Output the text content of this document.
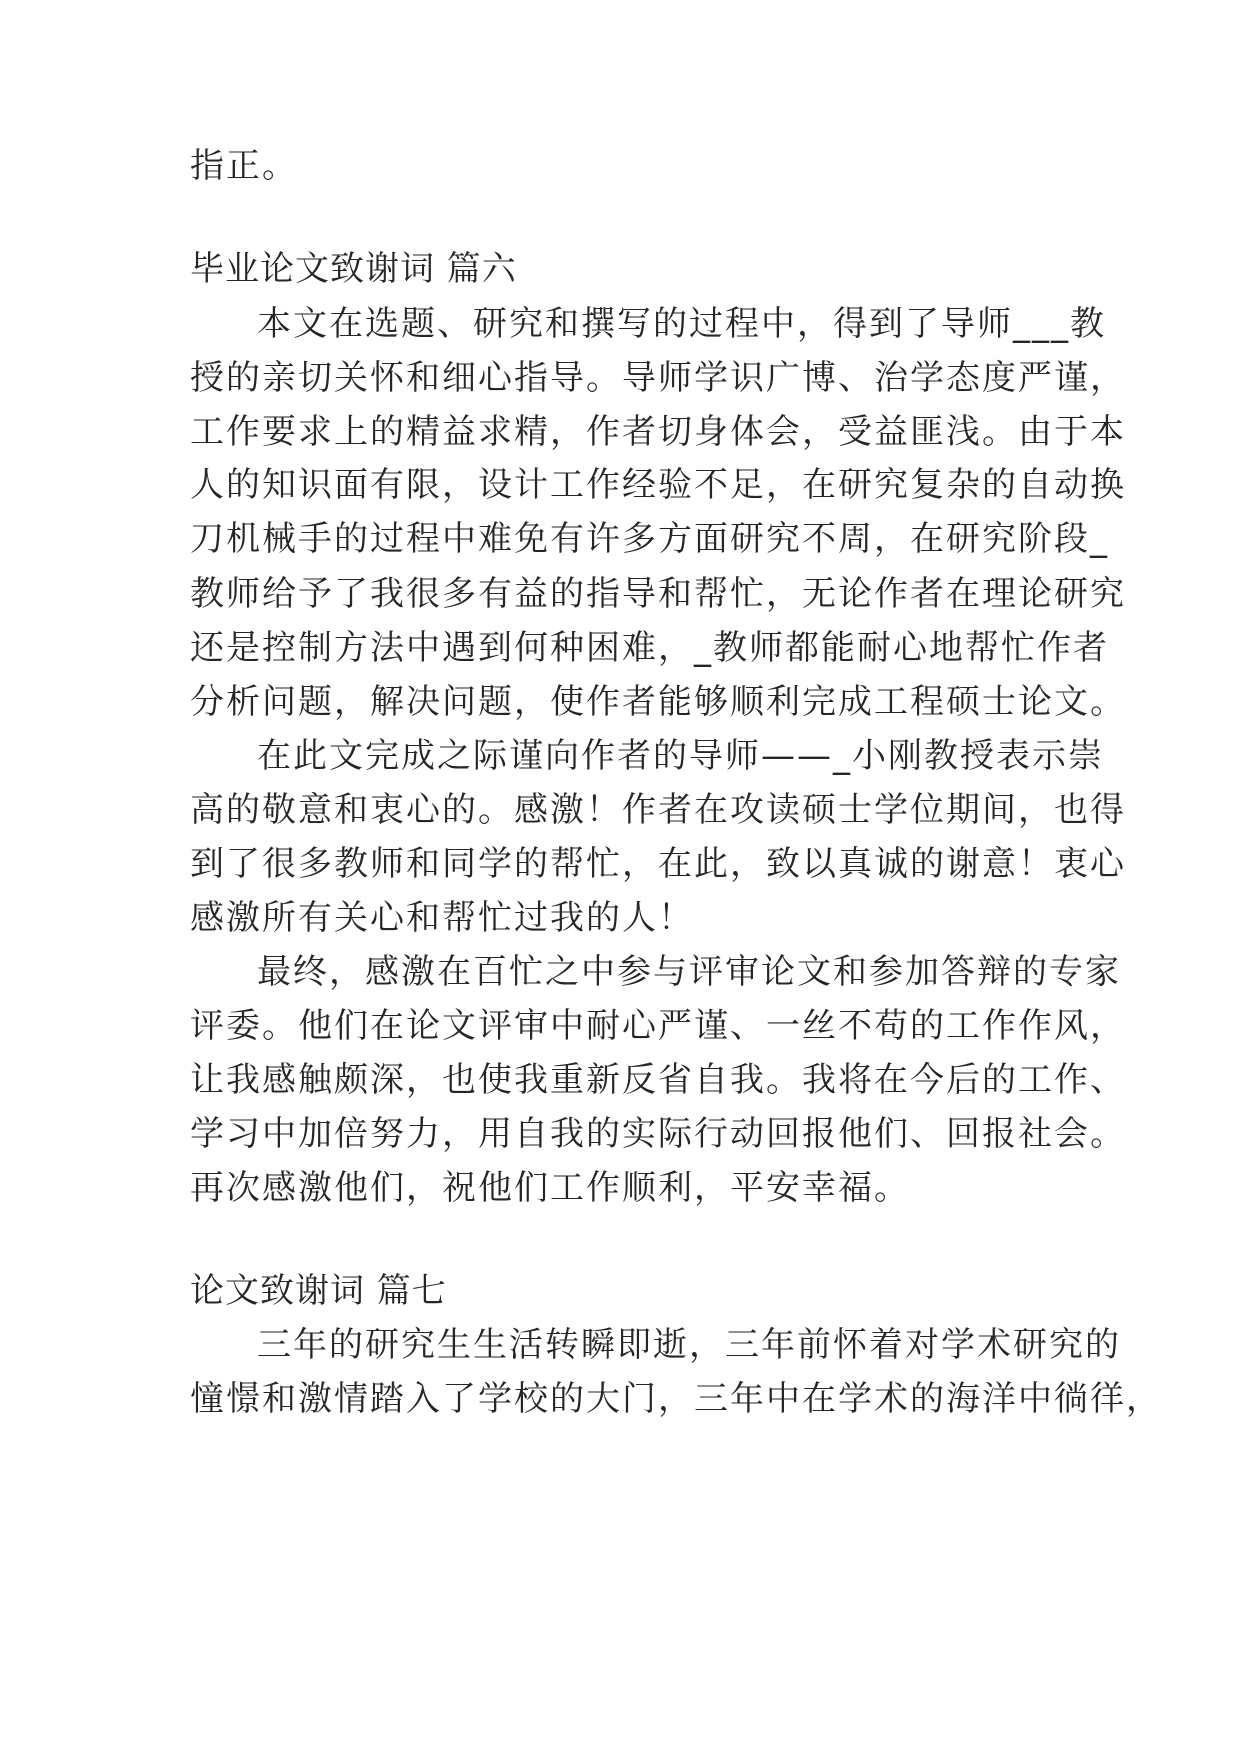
指正。
毕业论文致谢词 篇六
本文在选题、研究和撰写的过程中，得到了导师___教
授的亲切关怀和细心指导。导师学识广博、治学态度严谨，
工作要求上的精益求精，作者切身体会，受益匪浅。由于本
人的知识面有限，设计工作经验不足，在研究复杂的自动换
刀机械手的过程中难免有许多方面研究不周，在研究阶段_
教师给予了我很多有益的指导和帮忙，无论作者在理论研究
还是控制方法中遇到何种困难，_教师都能耐心地帮忙作者
分析问题，解决问题，使作者能够顺利完成工程硕士论文。
在此文完成之际谨向作者的导师——_小刚教授表示崇
高的敬意和衷心的。感激！作者在攻读硕士学位期间，也得
到了很多教师和同学的帮忙，在此，致以真诚的谢意！衷心
感激所有关心和帮忙过我的人！
最终，感激在百忙之中参与评审论文和参加答辩的专家
评委。他们在论文评审中耐心严谨、一丝不苟的工作作风，
让我感触颇深，也使我重新反省自我。我将在今后的工作、
学习中加倍努力，用自我的实际行动回报他们、回报社会。
再次感激他们，祝他们工作顺利，平安幸福。
论文致谢词 篇七
三年的研究生生活转瞬即逝，三年前怀着对学术研究的
憧憬和激情踏入了学校的大门，三年中在学术的海洋中徜徉，
